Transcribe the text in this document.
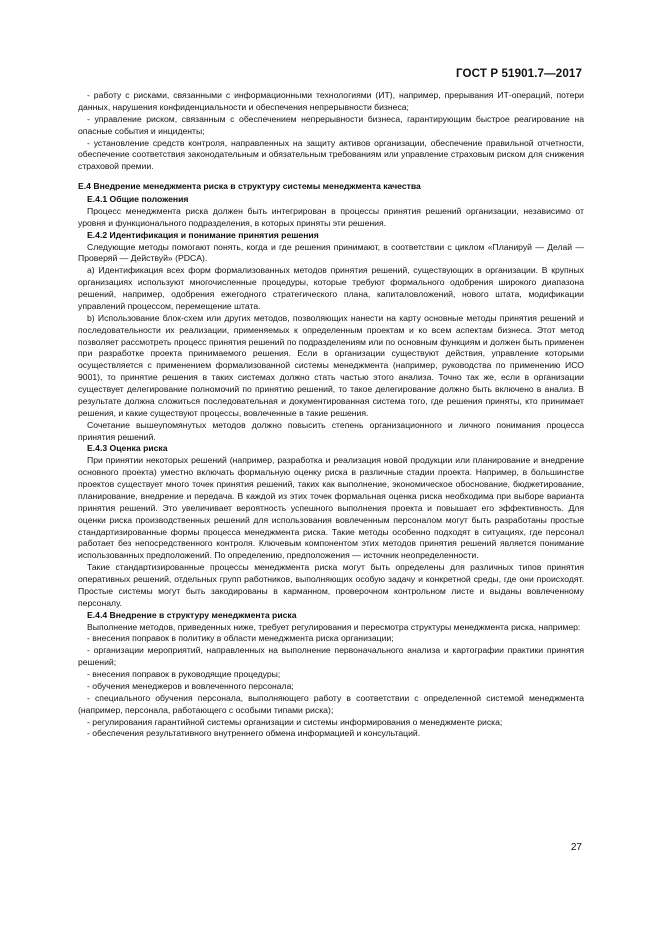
ГОСТ Р 51901.7—2017

- работу с рисками, связанными с информационными технологиями (ИТ), например, прерывания ИТ-операций, потери данных, нарушения конфиденциальности и обеспечения непрерывности бизнеса;

- управление риском, связанным с обеспечением непрерывности бизнеса, гарантирующим быстрое реагирование на опасные события и инциденты;

- установление средств контроля, направленных на защиту активов организации, обеспечение правильной отчетности, обеспечение соответствия законодательным и обязательным требованиям или управление страховым риском для снижения страховой премии.

Е.4 Внедрение менеджмента риска в структуру системы менеджмента качества
Е.4.1 Общие положения

Процесс менеджмента риска должен быть интегрирован в процессы принятия решений организации, независимо от уровня и функционального подразделения, в которых приняты эти решения.

Е.4.2 Идентификация и понимание принятия решения

Следующие методы помогают понять, когда и где решения принимают, в соответствии с циклом «Планируй — Делай — Проверяй — Действуй» (PDCA).

a) Идентификация всех форм формализованных методов принятия решений, существующих в организации. В крупных организациях используют многочисленные процедуры, которые требуют формального одобрения широкого диапазона решений, например, одобрения ежегодного стратегического плана, капиталовложений, нового штата, модификации управлений процессом, перемещение штата.

b) Использование блок-схем или других методов, позволяющих нанести на карту основные методы принятия решений и последовательности их реализации, применяемых к определенным проектам и ко всем аспектам бизнеса. Этот метод позволяет рассмотреть процесс принятия решений по подразделениям или по основным функциям и должен быть применен при разработке проекта принимаемого решения. Если в организации существуют действия, управление которыми осуществляется с применением формализованной системы менеджмента (например, руководства по применению ИСО 9001), то принятие решения в таких системах должно стать частью этого анализа. Точно так же, если в организации существует делегирование полномочий по принятию решений, то такое делегирование должно быть включено в анализ. В результате должна сложиться последовательная и документированная система того, где решения приняты, кто принимает решения, и какие существуют процессы, вовлеченные в такие решения.

Сочетание вышеупомянутых методов должно повысить степень организационного и личного понимания процесса принятия решений.

Е.4.3 Оценка риска

При принятии некоторых решений (например, разработка и реализация новой продукции или планирование и внедрение основного проекта) уместно включать формальную оценку риска в различные стадии проекта. Например, в большинстве проектов существует много точек принятия решений, таких как выполнение, экономическое обоснование, бюджетирование, планирование, внедрение и передача. В каждой из этих точек формальная оценка риска необходима при выборе варианта принятия решений. Это увеличивает вероятность успешного выполнения проекта и повышает его эффективность. Для оценки риска производственных решений для использования вовлеченным персоналом могут быть разработаны простые стандартизированные формы процесса менеджмента риска. Такие методы особенно подходят в ситуациях, где персонал работает без непосредственного контроля. Ключевым компонентом этих методов принятия решений является понимание использованных предположений. По определению, предположения — источник неопределенности.

Такие стандартизированные процессы менеджмента риска могут быть определены для различных типов принятия оперативных решений, отдельных групп работников, выполняющих особую задачу и конкретной среды, где они происходят. Простые системы могут быть закодированы в карманном, проверочном контрольном листе и выданы вовлеченному персоналу.

Е.4.4 Внедрение в структуру менеджмента риска

Выполнение методов, приведенных ниже, требует регулирования и пересмотра структуры менеджмента риска, например:

- внесения поправок в политику в области менеджмента риска организации;

- организации мероприятий, направленных на выполнение первоначального анализа и картографии практики принятия решений;

- внесения поправок в руководящие процедуры;

- обучения менеджеров и вовлеченного персонала;

- специального обучения персонала, выполняющего работу в соответствии с определенной системой менеджмента (например, персонала, работающего с особыми типами риска);

- регулирования гарантийной системы организации и системы информирования о менеджменте риска;

- обеспечения результативного внутреннего обмена информацией и консультаций.

27
